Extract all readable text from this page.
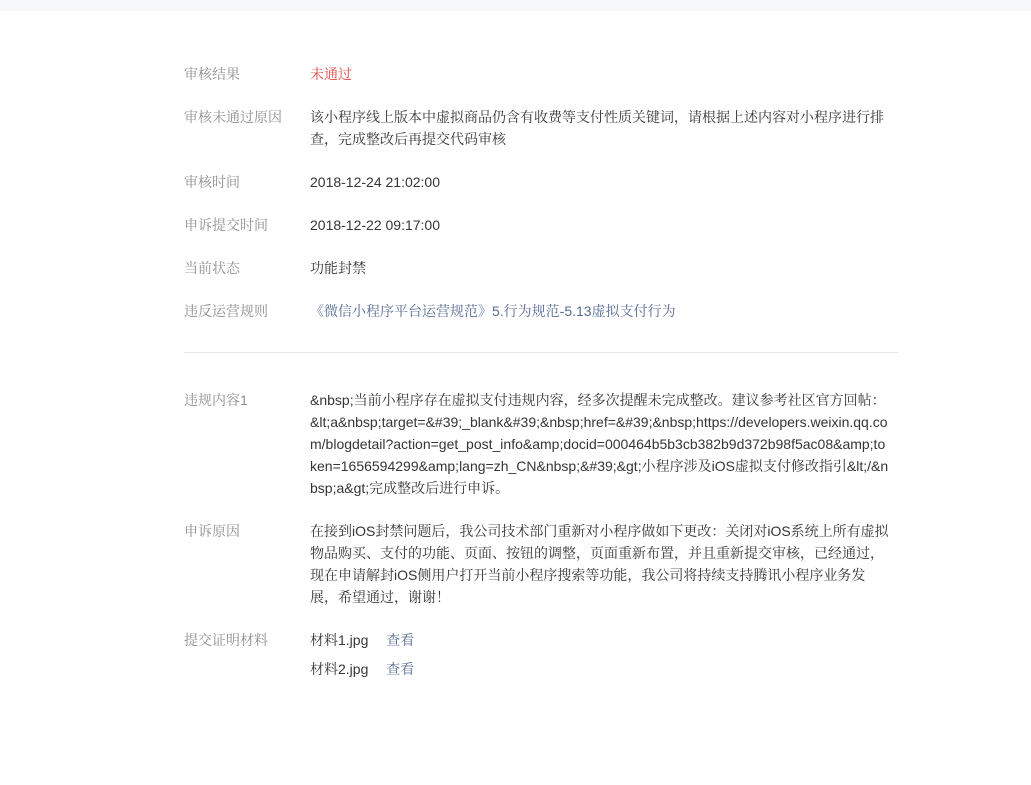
审核结果	未通过
审核未通过原因	该小程序线上版本中虚拟商品仍含有收费等支付性质关键词，请根据上述内容对小程序进行排查，完成整改后再提交代码审核
审核时间	2018-12-24 21:02:00
申诉提交时间	2018-12-22 09:17:00
当前状态	功能封禁
违反运营规则	《微信小程序平台运营规范》5.行为规范-5.13虚拟支付行为
违规内容1	&nbsp;当前小程序存在虚拟支付违规内容，经多次提醒未完成整改。建议参考社区官方回帖：&lt;a&nbsp;target=&#39;_blank&#39;&nbsp;href=&#39;&nbsp;https://developers.weixin.qq.com/blogdetail?action=get_post_info&amp;docid=000464b5b3cb382b9d372b98f5ac08&amp;token=1656594299&amp;lang=zh_CN&nbsp;&#39;&gt;小程序涉及iOS虚拟支付修改指引&lt;/&nbsp;a&gt;完成整改后进行申诉。
申诉原因	在接到iOS封禁问题后，我公司技术部门重新对小程序做如下更改：关闭对iOS系统上所有虚拟物品购买、支付的功能、页面、按钮的调整，页面重新布置，并且重新提交审核，已经通过，现在申请解封iOS侧用户打开当前小程序搜索等功能，我公司将持续支持腾讯小程序业务发展，希望通过，谢谢！
提交证明材料	材料1.jpg 查看
材料2.jpg 查看
